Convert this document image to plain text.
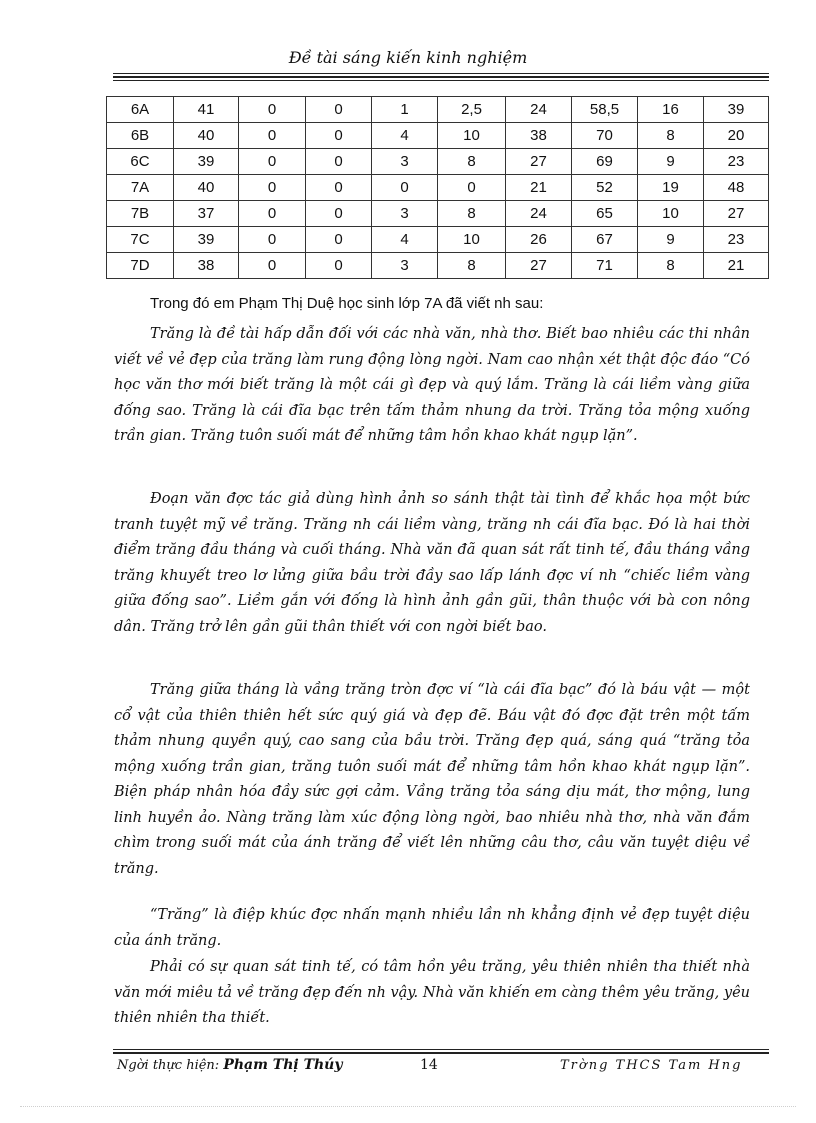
Đề tài sáng kiến kinh nghiệm
6A	41	0	0	1	2,5	24	58,5	16	39
6B	40	0	0	4	10	38	70	8	20
6C	39	0	0	3	8	27	69	9	23
7A	40	0	0	0	0	21	52	19	48
7B	37	0	0	3	8	24	65	10	27
7C	39	0	0	4	10	26	67	9	23
7D	38	0	0	3	8	27	71	8	21

Trong đó em Phạm Thị Duệ học sinh lớp 7A đã viết nh sau:

Trăng là đề tài hấp dẫn đối với các nhà văn, nhà thơ. Biết bao nhiêu các thi nhân viết về vẻ đẹp của trăng làm rung động lòng ngời. Nam cao nhận xét thật độc đáo “Có học văn thơ mới biết trăng là một cái gì đẹp và quý lắm. Trăng là cái liềm vàng giữa đống sao. Trăng là cái đĩa bạc trên tấm thảm nhung da trời. Trăng tỏa mộng xuống trần gian. Trăng tuôn suối mát để những tâm hồn khao khát ngụp lặn”.

Đoạn văn đợc tác giả dùng hình ảnh so sánh thật tài tình để khắc họa một bức tranh tuyệt mỹ về trăng. Trăng nh cái liềm vàng, trăng nh cái đĩa bạc. Đó là hai thời điểm trăng đầu tháng và cuối tháng. Nhà văn đã quan sát rất tinh tế, đầu tháng vầng trăng khuyết treo lơ lửng giữa bầu trời đầy sao lấp lánh đợc ví nh “chiếc liềm vàng giữa đống sao”. Liềm gắn với đống là hình ảnh gần gũi, thân thuộc với bà con nông dân. Trăng trở lên gần gũi thân thiết với con ngời biết bao.

Trăng giữa tháng là vầng trăng tròn đợc ví “là cái đĩa bạc” đó là báu vật — một cổ vật của thiên thiên hết sức quý giá và đẹp đẽ. Báu vật đó đợc đặt trên một tấm thảm nhung quyền quý, cao sang của bầu trời. Trăng đẹp quá, sáng quá “trăng tỏa mộng xuống trần gian, trăng tuôn suối mát để những tâm hồn khao khát ngụp lặn”. Biện pháp nhân hóa đầy sức gợi cảm. Vầng trăng tỏa sáng dịu mát, thơ mộng, lung linh huyền ảo. Nàng trăng làm xúc động lòng ngời, bao nhiêu nhà thơ, nhà văn đắm chìm trong suối mát của ánh trăng để viết lên những câu thơ, câu văn tuyệt diệu về trăng.

“Trăng” là điệp khúc đợc nhấn mạnh nhiều lần nh khẳng định vẻ đẹp tuyệt diệu của ánh trăng.

Phải có sự quan sát tinh tế, có tâm hồn yêu trăng, yêu thiên nhiên tha thiết nhà văn mới miêu tả về trăng đẹp đến nh vậy. Nhà văn khiến em càng thêm yêu trăng, yêu thiên nhiên tha thiết.

Ngời thực hiện: Phạm Thị Thúy	14	Trờng THCS Tam Hng
